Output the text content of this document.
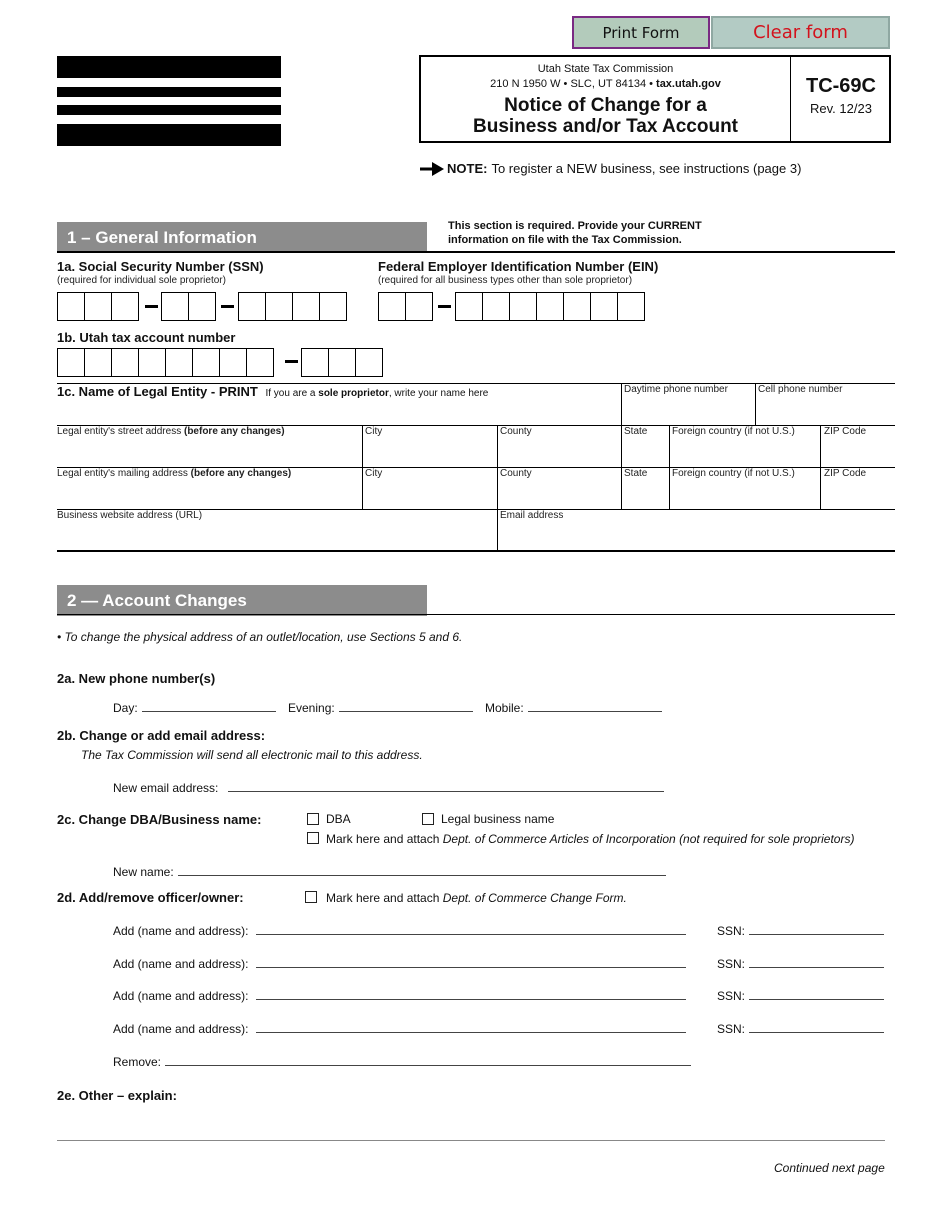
Print Form	Clear form
Utah State Tax Commission
210 N 1950 W • SLC, UT 84134 • tax.utah.gov
Notice of Change for a
Business and/or Tax Account
TC-69C
Rev. 12/23
NOTE: To register a NEW business, see instructions (page 3)
1 – General Information
This section is required. Provide your CURRENT
information on file with the Tax Commission.
1a. Social Security Number (SSN)
(required for individual sole proprietor)
Federal Employer Identification Number (EIN)
(required for all business types other than sole proprietor)
1b. Utah tax account number
1c. Name of Legal Entity - PRINT If you are a sole proprietor, write your name here	Daytime phone number	Cell phone number
Legal entity's street address (before any changes)	City	County	State Foreign country (if not U.S.)	ZIP Code
Legal entity's mailing address (before any changes)	City	County	State Foreign country (if not U.S.)	ZIP Code
Business website address (URL)	Email address
2 — Account Changes
• To change the physical address of an outlet/location, use Sections 5 and 6.
2a. New phone number(s)
Day:	Evening:	Mobile:
2b. Change or add email address:
The Tax Commission will send all electronic mail to this address.
New email address:
2c. Change DBA/Business name:	DBA	Legal business name
Mark here and attach Dept. of Commerce Articles of Incorporation (not required for sole proprietors)
New name:
2d. Add/remove officer/owner:	Mark here and attach Dept. of Commerce Change Form.
Add (name and address):	SSN:
Add (name and address):	SSN:
Add (name and address):	SSN:
Add (name and address):	SSN:
Remove:
2e. Other – explain:
Continued next page
